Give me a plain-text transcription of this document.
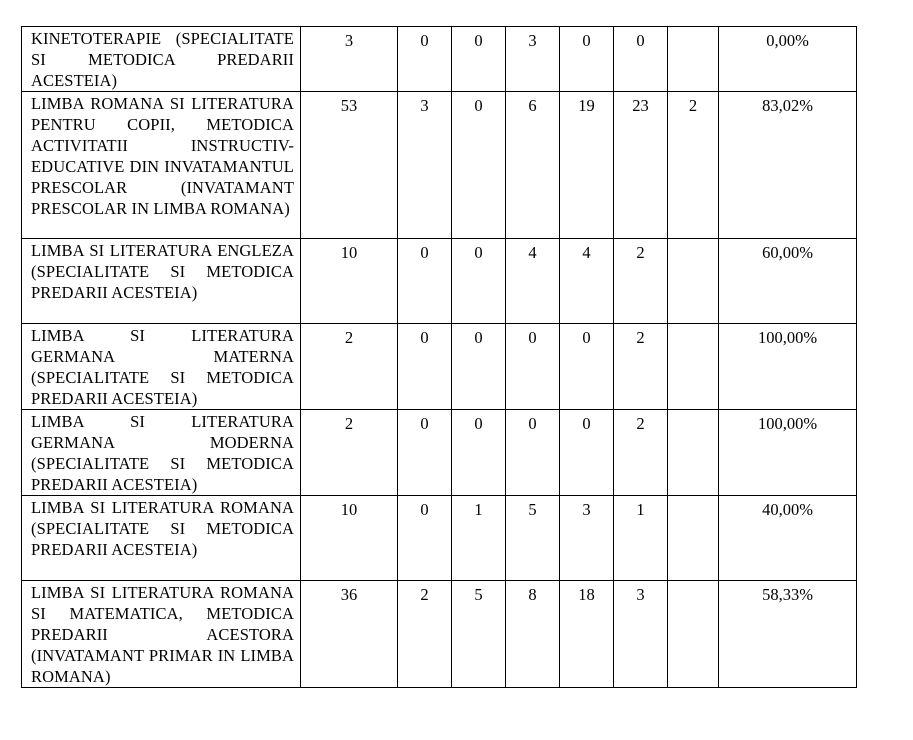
KINETOTERAPIE (SPECIALITATE SI METODICA PREDARII ACESTEIA)	3	0	0	3	0	0		0,00%
LIMBA ROMANA SI LITERATURA PENTRU COPII, METODICA ACTIVITATII INSTRUCTIV-EDUCATIVE DIN INVATAMANTUL PRESCOLAR (INVATAMANT PRESCOLAR IN LIMBA ROMANA)	53	3	0	6	19	23	2	83,02%
LIMBA SI LITERATURA ENGLEZA (SPECIALITATE SI METODICA PREDARII ACESTEIA)	10	0	0	4	4	2		60,00%
LIMBA SI LITERATURA GERMANA MATERNA (SPECIALITATE SI METODICA PREDARII ACESTEIA)	2	0	0	0	0	2		100,00%
LIMBA SI LITERATURA GERMANA MODERNA (SPECIALITATE SI METODICA PREDARII ACESTEIA)	2	0	0	0	0	2		100,00%
LIMBA SI LITERATURA ROMANA (SPECIALITATE SI METODICA PREDARII ACESTEIA)	10	0	1	5	3	1		40,00%
LIMBA SI LITERATURA ROMANA SI MATEMATICA, METODICA PREDARII ACESTORA (INVATAMANT PRIMAR IN LIMBA ROMANA)	36	2	5	8	18	3		58,33%
